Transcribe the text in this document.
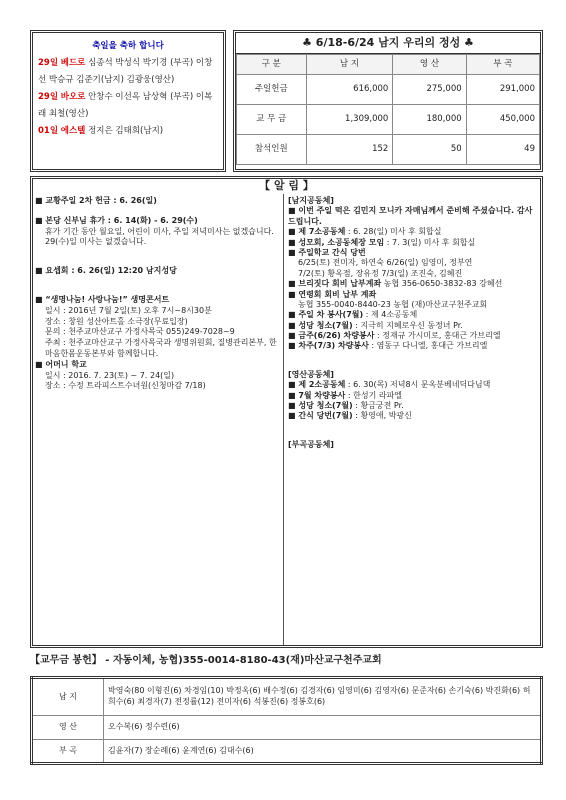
축일을 축하 합니다
29일 베드로 심종석 박성식 박기경 (부곡) 이창선 박승규 김준기(남지) 김광웅(영산)
29일 바오로 안창수 이선옥 남상혁 (부곡) 이복래 최철(영산)
01일 에스텔 정지은 김태희(남지)
♣ 6/18-6/24 남지 우리의 정성 ♣
구 분	남 지	영 산	부 곡
주일헌금	616,000	275,000	291,000
교 무 금	1,309,000	180,000	450,000
참석인원	152	50	49
【 알 림 】

■ 교황주일 2차 헌금 : 6. 26(일)

■ 본당 신부님 휴가 : 6. 14(화) - 6. 29(수)

휴가 기간 동안 월요일, 어린이 미사, 주일 저녁미사는 없겠습니다. 29(수)일 미사는 없겠습니다.

■ 요셉회 : 6. 26(일) 12:20 남지성당

■ “생명나눔! 사랑나눔!” 생명콘서트

일시 : 2016년 7월 2일(토) 오후 7시~8시30분

장소 : 창원 성산아트홀 소극장(무료입장)

문의 : 천주교마산교구 가정사목국 055)249-7028~9

주최 : 천주교마산교구 가정사목국과 생명위원회, 질병관리본부, 한마음한몸운동본부와 함께합니다.

■ 어머니 학교

일시 : 2016. 7. 23(토) ~ 7. 24(일)

장소 : 수정 트라피스트수녀원(신청마감 7/18)

[남지공동체]

■ 이번 주일 떡은 김민지 모니카 자매님께서 준비해 주셨습니다. 감사드립니다.

■ 제 7소공동체 : 6. 28(일) 미사 후 회합실

■ 성모회, 소공동체장 모임 : 7. 3(일) 미사 후 회합실

■ 주일학교 간식 당번

6/25(토) 전미자, 하연숙 6/26(일) 임영미, 정부연

7/2(토) 황옥점, 장유정 7/3(일) 조진숙, 김혜진

■ 브리짓다 회비 납부계좌 농협 356-0650-3832-83 강혜선

■ 연령회 회비 납부 계좌

농협 355-0040-8440-23 농협 (재)마산교구천주교회

■ 주일 차 봉사(7월) : 제 4소공동체

■ 성당 청소(7월) : 지극히 지혜로우신 동정녀 Pr.

■ 금주(6/26) 차량봉사 : 정재규 가시미로, 홍대근 가브리엘

■ 차주(7/3) 차량봉사 : 염동구 다니엘, 홍대근 가브리엘

[영산공동체]

■ 제 2소공동체 : 6. 30(목) 저녁8시 문옥분베네딕다님댁

■ 7월 차량봉사 : 한성기 라파엘

■ 성당 청소(7월) : 황금궁전 Pr.

■ 간식 당번(7월) : 황영애, 박광신

[부곡공동체]

【교무금 봉헌】 - 자동이체, 농협)355-0014-8180-43(재)마산교구천주교회
남 지	박영숙(80 이형진(6) 차경임(10) 박정옥(6) 배수정(6) 김경자(6) 임영미(6) 김영자(6) 문준자(6) 손기숙(6) 박진화(6) 허희수(6) 최경자(7) 전정률(12) 전미자(6) 석봉진(6) 정봉호(6)
영 산	오수복(6) 정수련(6)
부 곡	김윤자(7) 장순례(6) 윤계연(6) 김대수(6)
